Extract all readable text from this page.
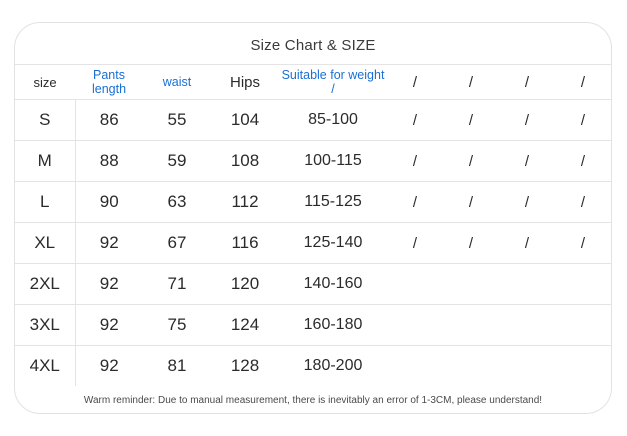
Size Chart & SIZE
size	Pants length	waist	Hips	Suitable for weight /	/	/	/	/
S	86	55	104	85-100	/	/	/	/
M	88	59	108	100-115	/	/	/	/
L	90	63	112	115-125	/	/	/	/
XL	92	67	116	125-140	/	/	/	/
2XL	92	71	120	140-160				
3XL	92	75	124	160-180				
4XL	92	81	128	180-200				
Warm reminder: Due to manual measurement, there is inevitably an error of 1-3CM, please understand!
